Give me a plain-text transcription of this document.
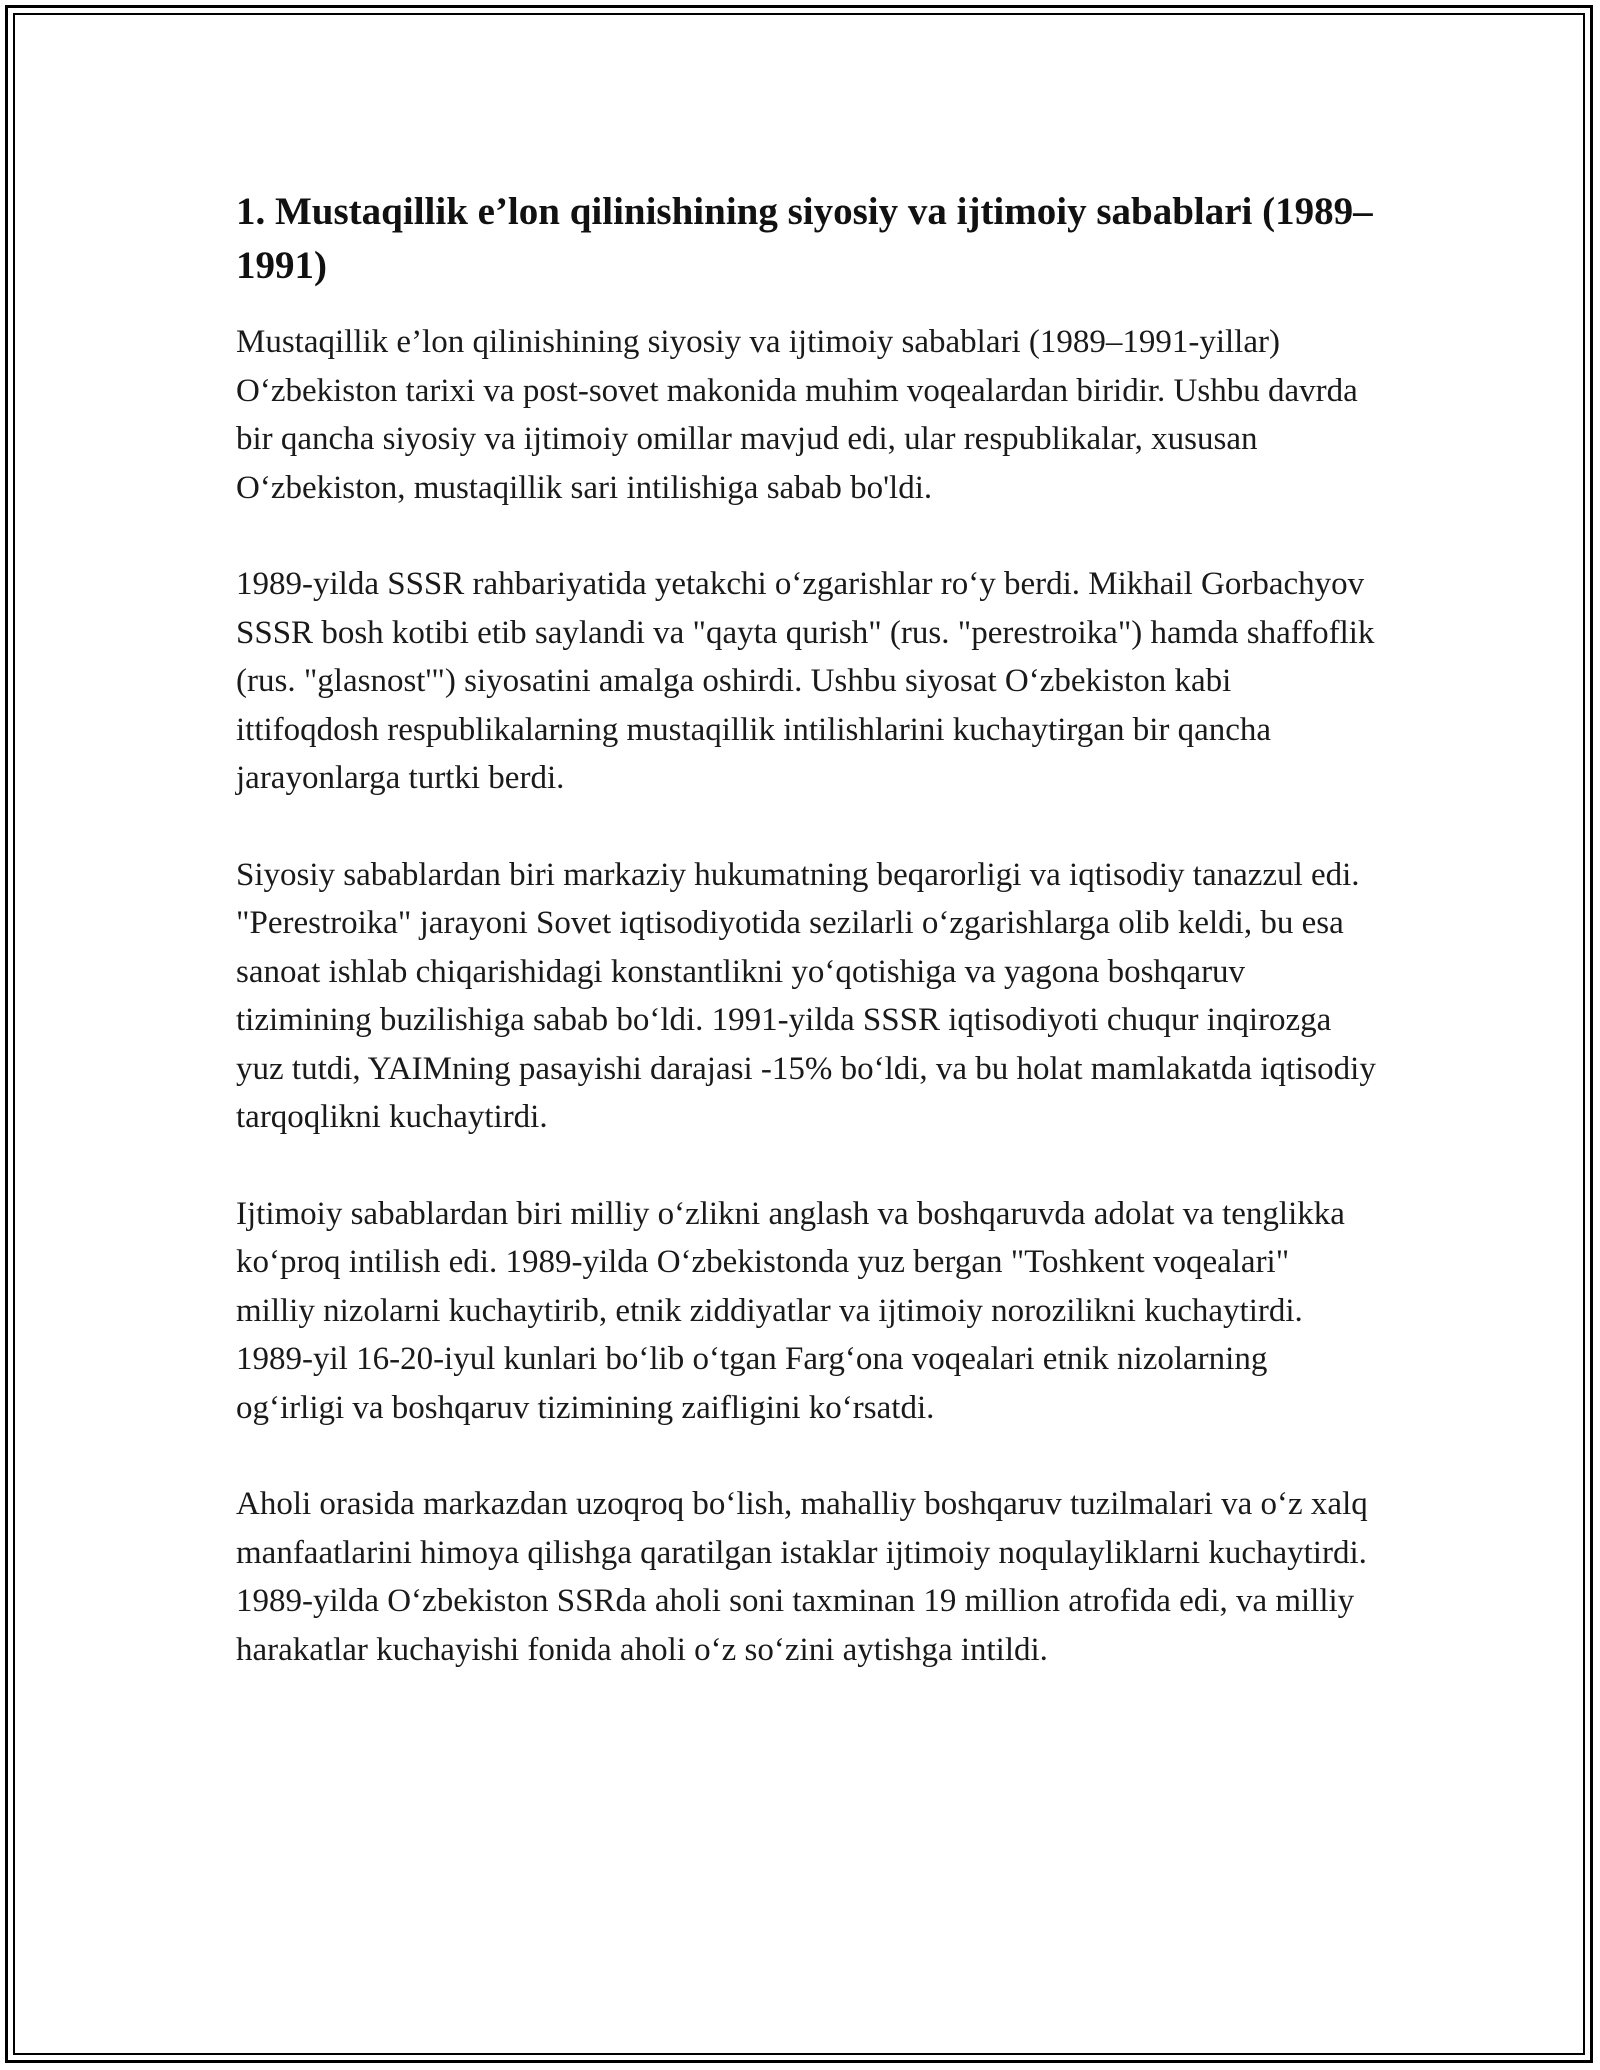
1. Mustaqillik e’lon qilinishining siyosiy va ijtimoiy sabablari (1989–1991)

Mustaqillik e’lon qilinishining siyosiy va ijtimoiy sabablari (1989–1991-yillar) O‘zbekiston tarixi va post-sovet makonida muhim voqealardan biridir. Ushbu davrda bir qancha siyosiy va ijtimoiy omillar mavjud edi, ular respublikalar, xususan O‘zbekiston, mustaqillik sari intilishiga sabab bo'ldi.

1989-yilda SSSR rahbariyatida yetakchi o‘zgarishlar ro‘y berdi. Mikhail Gorbachyov SSSR bosh kotibi etib saylandi va "qayta qurish" (rus. "perestroika") hamda shaffoflik (rus. "glasnost'") siyosatini amalga oshirdi. Ushbu siyosat O‘zbekiston kabi ittifoqdosh respublikalarning mustaqillik intilishlarini kuchaytirgan bir qancha jarayonlarga turtki berdi.

Siyosiy sabablardan biri markaziy hukumatning beqarorligi va iqtisodiy tanazzul edi. "Perestroika" jarayoni Sovet iqtisodiyotida sezilarli o‘zgarishlarga olib keldi, bu esa sanoat ishlab chiqarishidagi konstantlikni yo‘qotishiga va yagona boshqaruv tizimining buzilishiga sabab bo‘ldi. 1991-yilda SSSR iqtisodiyoti chuqur inqirozga yuz tutdi, YAIMning pasayishi darajasi -15% bo‘ldi, va bu holat mamlakatda iqtisodiy tarqoqlikni kuchaytirdi.

Ijtimoiy sabablardan biri milliy o‘zlikni anglash va boshqaruvda adolat va tenglikka ko‘proq intilish edi. 1989-yilda O‘zbekistonda yuz bergan "Toshkent voqealari" milliy nizolarni kuchaytirib, etnik ziddiyatlar va ijtimoiy norozilikni kuchaytirdi. 1989-yil 16-20-iyul kunlari bo‘lib o‘tgan Farg‘ona voqealari etnik nizolarning og‘irligi va boshqaruv tizimining zaifligini ko‘rsatdi.

Aholi orasida markazdan uzoqroq bo‘lish, mahalliy boshqaruv tuzilmalari va o‘z xalq manfaatlarini himoya qilishga qaratilgan istaklar ijtimoiy noqulayliklarni kuchaytirdi. 1989-yilda O‘zbekiston SSRda aholi soni taxminan 19 million atrofida edi, va milliy harakatlar kuchayishi fonida aholi o‘z so‘zini aytishga intildi.
